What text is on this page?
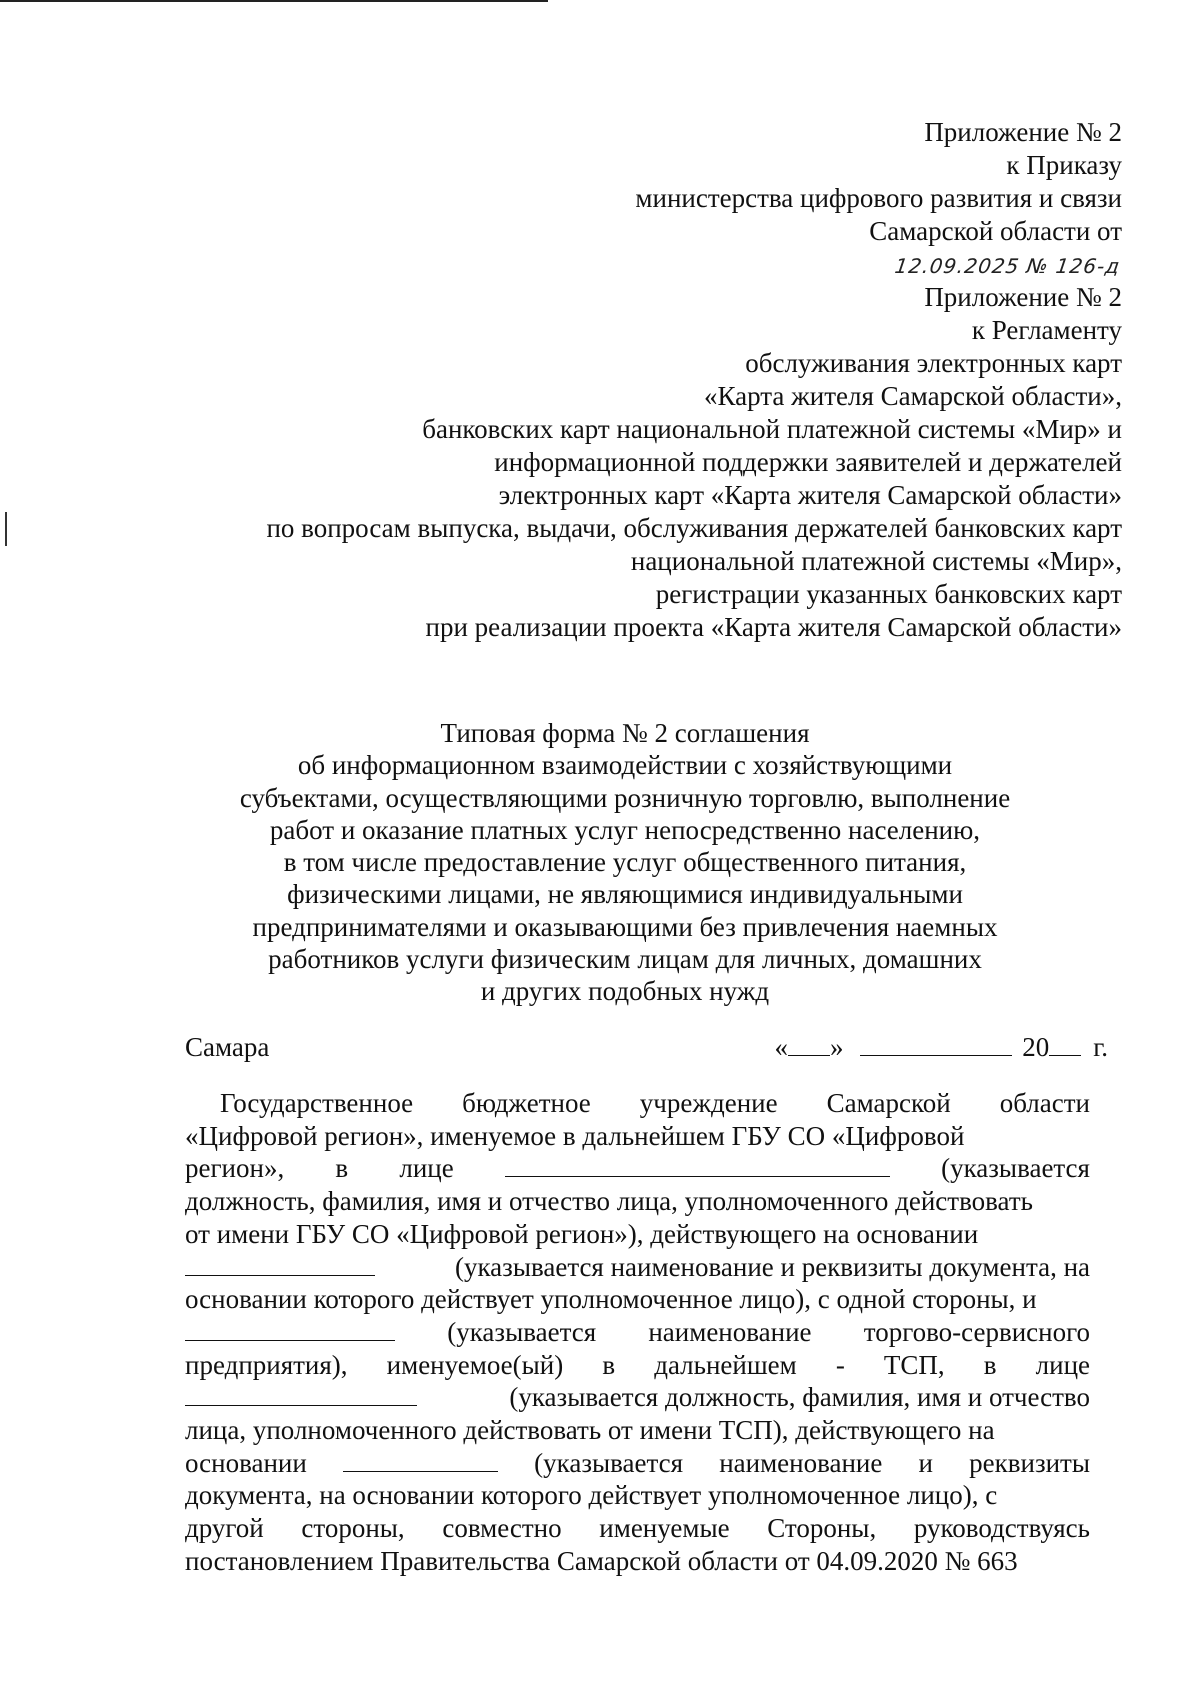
Приложение № 2
к Приказу
министерства цифрового развития и связи
Самарской области от
12.09.2025 № 126-д
Приложение № 2
к Регламенту
обслуживания электронных карт
«Карта жителя Самарской области»,
банковских карт национальной платежной системы «Мир» и
информационной поддержки заявителей и держателей
электронных карт «Карта жителя Самарской области»
по вопросам выпуска, выдачи, обслуживания держателей банковских карт
национальной платежной системы «Мир»,
регистрации указанных банковских карт
при реализации проекта «Карта жителя Самарской области»
Типовая форма № 2 соглашения
об информационном взаимодействии с хозяйствующими
субъектами, осуществляющими розничную торговлю, выполнение
работ и оказание платных услуг непосредственно населению,
в том числе предоставление услуг общественного питания,
физическими лицами, не являющимися индивидуальными
предпринимателями и оказывающими без привлечения наемных
работников услуги физическим лицам для личных, домашних
и других подобных нужд
Самара	« »	20 г.
Государственное бюджетное учреждение Самарской области
«Цифровой регион», именуемое в дальнейшем ГБУ СО «Цифровой
регион», в лице	(указывается
должность, фамилия, имя и отчество лица, уполномоченного действовать
от имени ГБУ СО «Цифровой регион»), действующего на основании
(указывается наименование и реквизиты документа, на
основании которого действует уполномоченное лицо), с одной стороны, и
(указывается наименование торгово-сервисного
предприятия), именуемое(ый) в дальнейшем - ТСП, в лице
(указывается должность, фамилия, имя и отчество
лица, уполномоченного действовать от имени ТСП), действующего на
основании	(указывается наименование и реквизиты
документа, на основании которого действует уполномоченное лицо), с
другой стороны, совместно именуемые Стороны, руководствуясь
постановлением Правительства Самарской области от 04.09.2020 № 663
